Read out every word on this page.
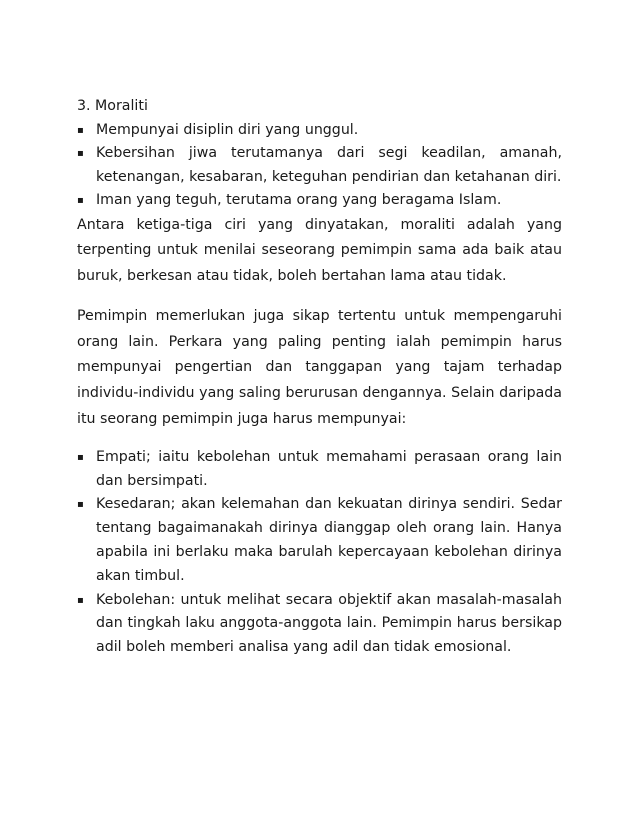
3. Moraliti

▪ Mempunyai disiplin diri yang unggul.
▪ Kebersihan jiwa terutamanya dari segi keadilan, amanah, ketenangan, kesabaran, keteguhan pendirian dan ketahanan diri.
▪ Iman yang teguh, terutama orang yang beragama Islam.

Antara ketiga-tiga ciri yang dinyatakan, moraliti adalah yang terpenting untuk menilai seseorang pemimpin sama ada baik atau buruk, berkesan atau tidak, boleh bertahan lama atau tidak.

Pemimpin memerlukan juga sikap tertentu untuk mempengaruhi orang lain. Perkara yang paling penting ialah pemimpin harus mempunyai pengertian dan tanggapan yang tajam terhadap individu-individu yang saling berurusan dengannya. Selain daripada itu seorang pemimpin juga harus mempunyai:

▪ Empati; iaitu kebolehan untuk memahami perasaan orang lain dan bersimpati.
▪ Kesedaran; akan kelemahan dan kekuatan dirinya sendiri. Sedar tentang bagaimanakah dirinya dianggap oleh orang lain. Hanya apabila ini berlaku maka barulah kepercayaan kebolehan dirinya akan timbul.
▪ Kebolehan: untuk melihat secara objektif akan masalah-masalah dan tingkah laku anggota-anggota lain. Pemimpin harus bersikap adil boleh memberi analisa yang adil dan tidak emosional.
